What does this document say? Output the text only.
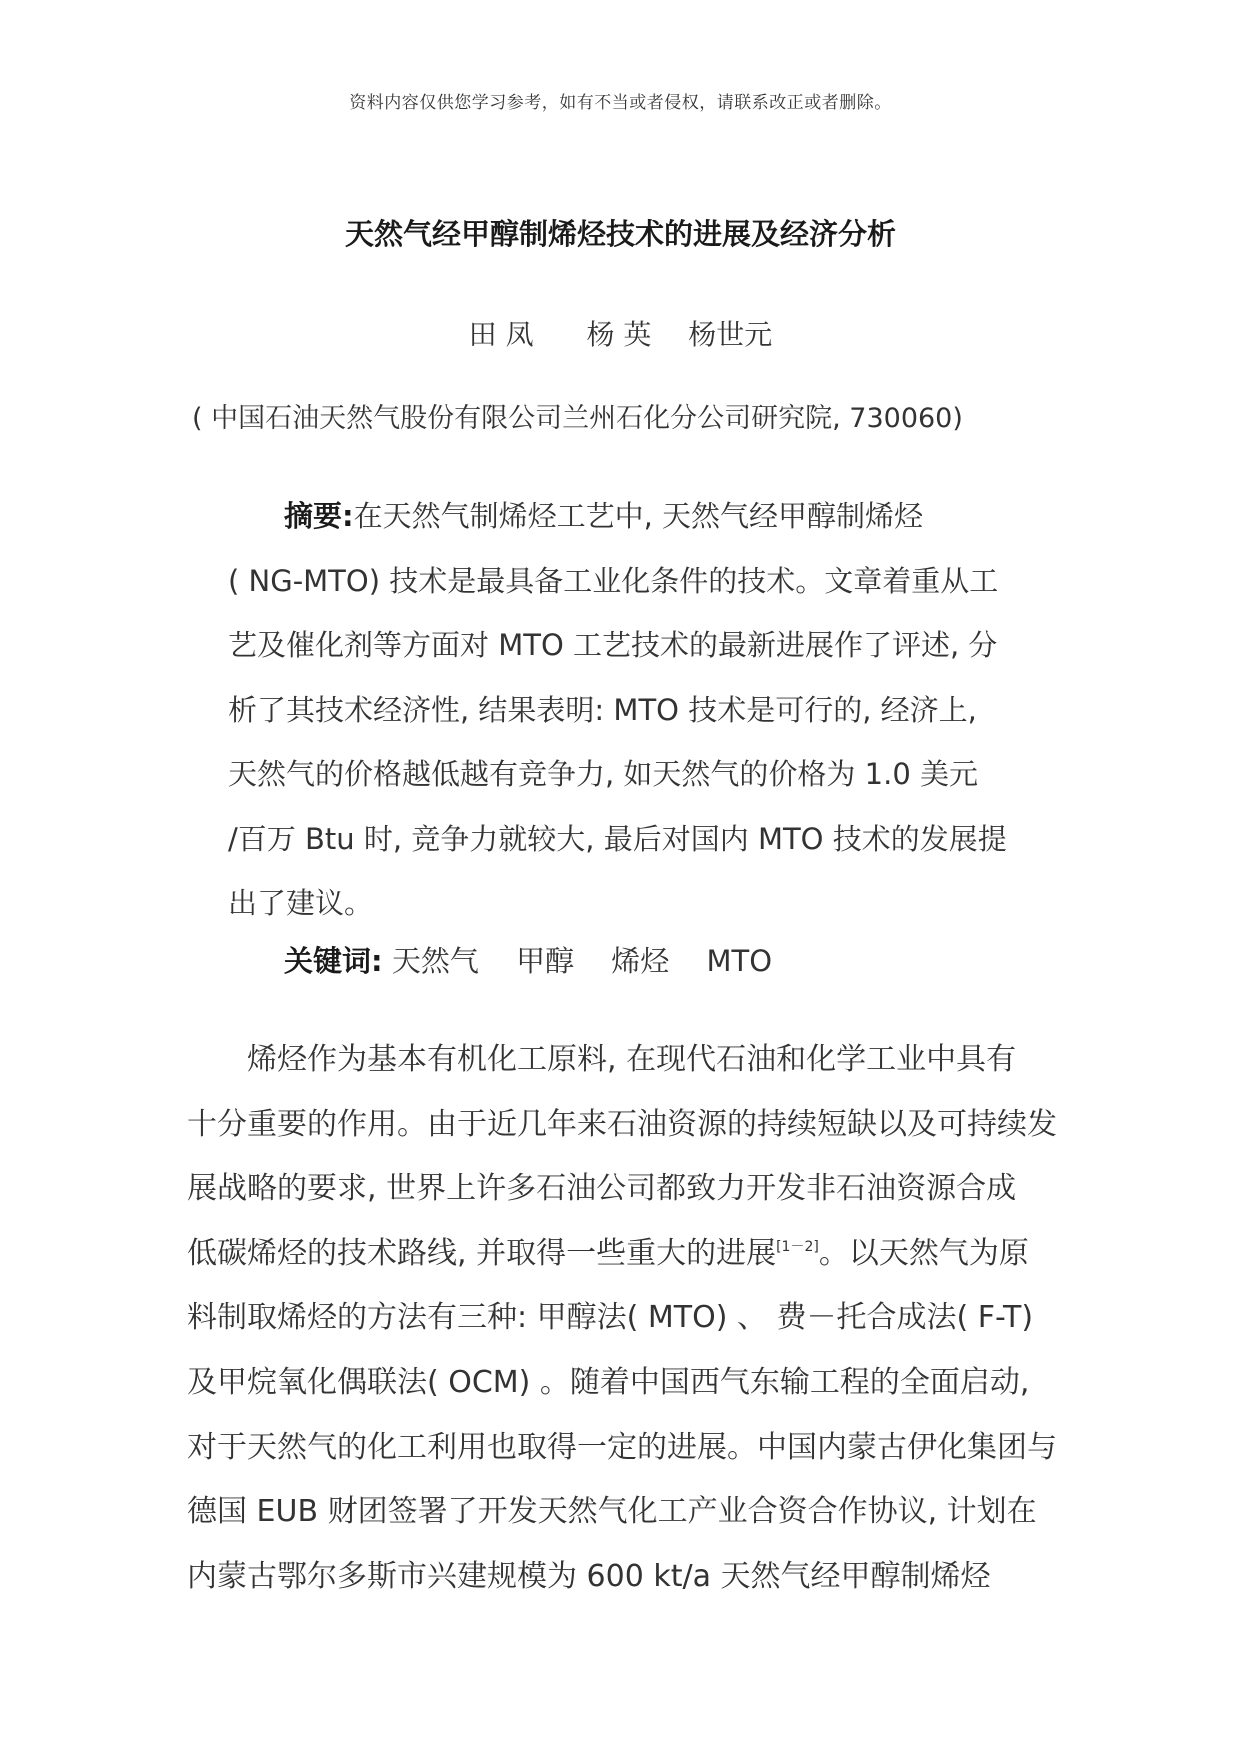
资料内容仅供您学习参考，如有不当或者侵权，请联系改正或者删除。
天然气经甲醇制烯烃技术的进展及经济分析
田 凤 杨 英 杨世元
( 中国石油天然气股份有限公司兰州石化分公司研究院, 730060)
摘要:在天然气制烯烃工艺中, 天然气经甲醇制烯烃
( NG-MTO) 技术是最具备工业化条件的技术。文章着重从工
艺及催化剂等方面对 MTO 工艺技术的最新进展作了评述, 分
析了其技术经济性, 结果表明: MTO 技术是可行的, 经济上,
天然气的价格越低越有竞争力, 如天然气的价格为 1.0 美元
/百万 Btu 时, 竞争力就较大, 最后对国内 MTO 技术的发展提
出了建议。
关键词: 天然气 甲醇 烯烃 MTO
烯烃作为基本有机化工原料, 在现代石油和化学工业中具有
十分重要的作用。由于近几年来石油资源的持续短缺以及可持续发
展战略的要求, 世界上许多石油公司都致力开发非石油资源合成
低碳烯烃的技术路线, 并取得一些重大的进展[1－2]。以天然气为原
料制取烯烃的方法有三种: 甲醇法( MTO) 、 费－托合成法( F-T)
及甲烷氧化偶联法( OCM) 。随着中国西气东输工程的全面启动,
对于天然气的化工利用也取得一定的进展。中国内蒙古伊化集团与
德国 EUB 财团签署了开发天然气化工产业合资合作协议, 计划在
内蒙古鄂尔多斯市兴建规模为 600 kt/a 天然气经甲醇制烯烃
